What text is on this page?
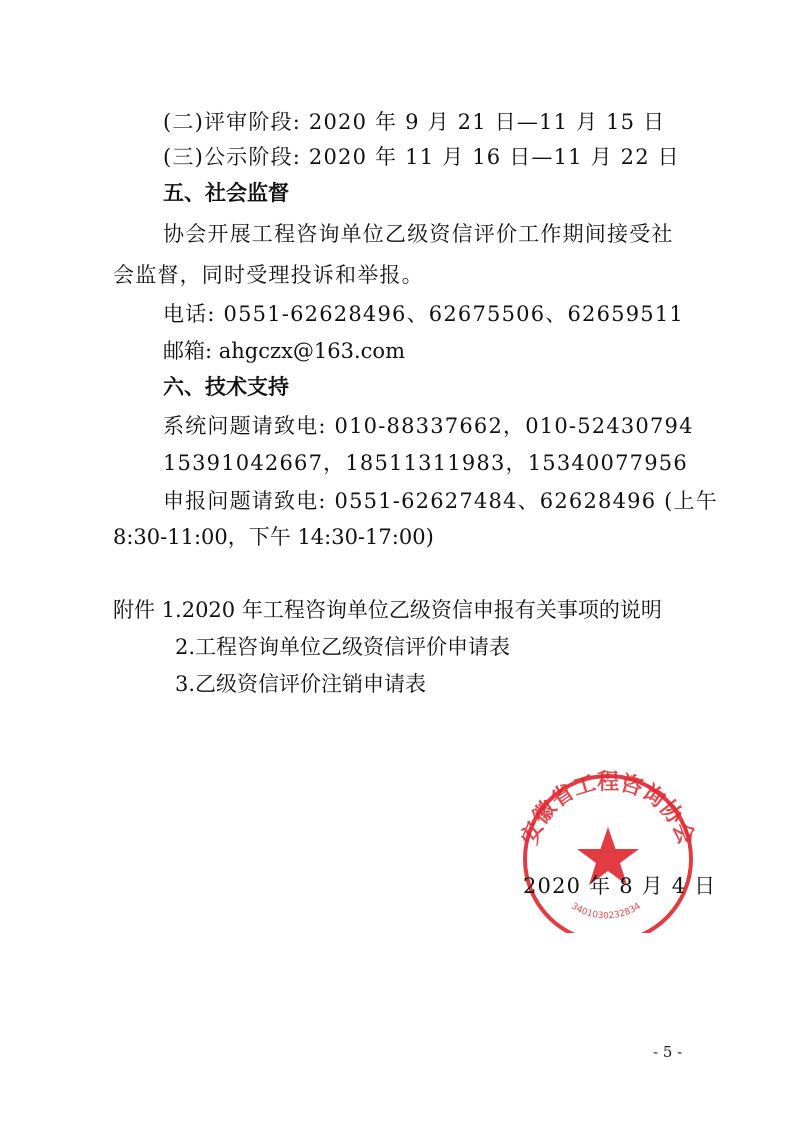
(二)评审阶段: 2020 年 9 月 21 日—11 月 15 日
(三)公示阶段: 2020 年 11 月 16 日—11 月 22 日
五、社会监督
协会开展工程咨询单位乙级资信评价工作期间接受社
会监督，同时受理投诉和举报。
电话: 0551-62628496、62675506、62659511
邮箱: ahgczx@163.com
六、技术支持
系统问题请致电: 010-88337662，010-52430794
15391042667，18511311983，15340077956
申报问题请致电: 0551-62627484、62628496 (上午
8:30-11:00，下午 14:30-17:00)
附件 1.2020 年工程咨询单位乙级资信申报有关事项的说明
2.工程咨询单位乙级资信评价申请表
3.乙级资信评价注销申请表
安徽省工程咨询协会
3401030232834
2020 年 8 月 4 日
- 5 -
